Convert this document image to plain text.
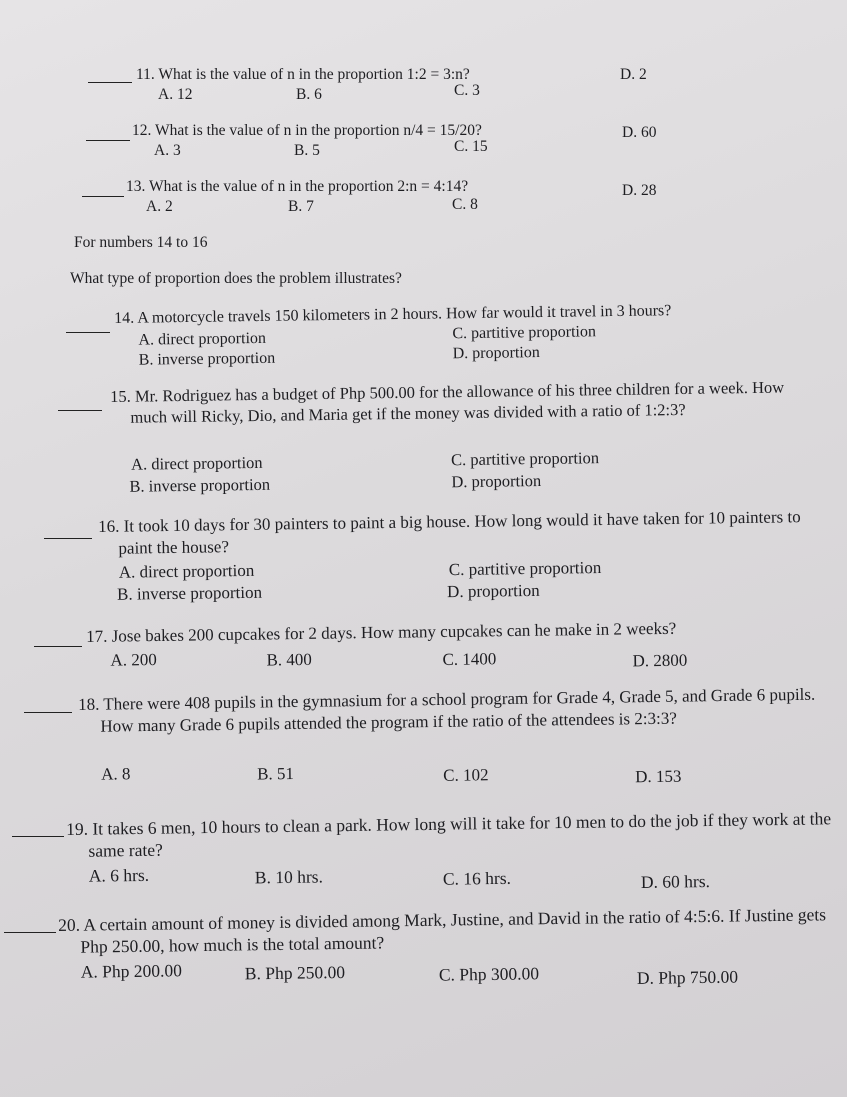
11. What is the value of n in the proportion 1:2 = 3:n?
A. 12	B. 6	C. 3
D. 2
12. What is the value of n in the proportion n/4 = 15/20?
A. 3	B. 5	C. 15
D. 60
13. What is the value of n in the proportion 2:n = 4:14?
A. 2	B. 7	C. 8
D. 28
For numbers 14 to 16
What type of proportion does the problem illustrates?
14. A motorcycle travels 150 kilometers in 2 hours. How far would it travel in 3 hours?
A. direct proportion	C. partitive proportion
B. inverse proportion	D. proportion
15. Mr. Rodriguez has a budget of Php 500.00 for the allowance of his three children for a week. How much will Ricky, Dio, and Maria get if the money was divided with a ratio of 1:2:3?
A. direct proportion	C. partitive proportion
B. inverse proportion	D. proportion
16. It took 10 days for 30 painters to paint a big house. How long would it have taken for 10 painters to paint the house?
A. direct proportion	C. partitive proportion
B. inverse proportion	D. proportion
17. Jose bakes 200 cupcakes for 2 days. How many cupcakes can he make in 2 weeks?
A. 200	B. 400	C. 1400	D. 2800
18. There were 408 pupils in the gymnasium for a school program for Grade 4, Grade 5, and Grade 6 pupils. How many Grade 6 pupils attended the program if the ratio of the attendees is 2:3:3?
A. 8	B. 51	C. 102	D. 153
19. It takes 6 men, 10 hours to clean a park. How long will it take for 10 men to do the job if they work at the same rate?
A. 6 hrs.	B. 10 hrs.	C. 16 hrs.	D. 60 hrs.
20. A certain amount of money is divided among Mark, Justine, and David in the ratio of 4:5:6. If Justine gets Php 250.00, how much is the total amount?
A. Php 200.00	B. Php 250.00	C. Php 300.00	D. Php 750.00
